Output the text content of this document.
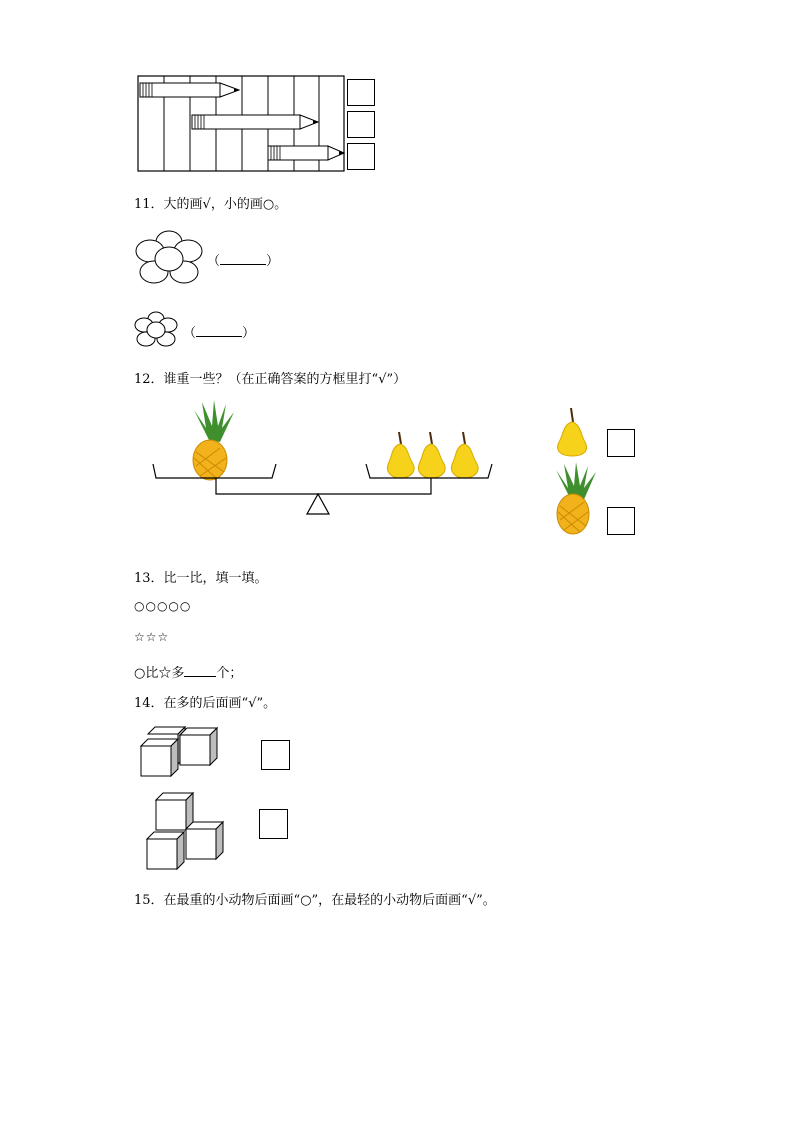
11．大的画√，小的画○。
（	）
（	）
12．谁重一些？（在正确答案的方框里打“√”）
13．比一比，填一填。
○○○○○
☆☆☆
○比☆多 个；
14．在多的后面画“√”。
15．在最重的小动物后面画“○”，在最轻的小动物后面画“√”。
